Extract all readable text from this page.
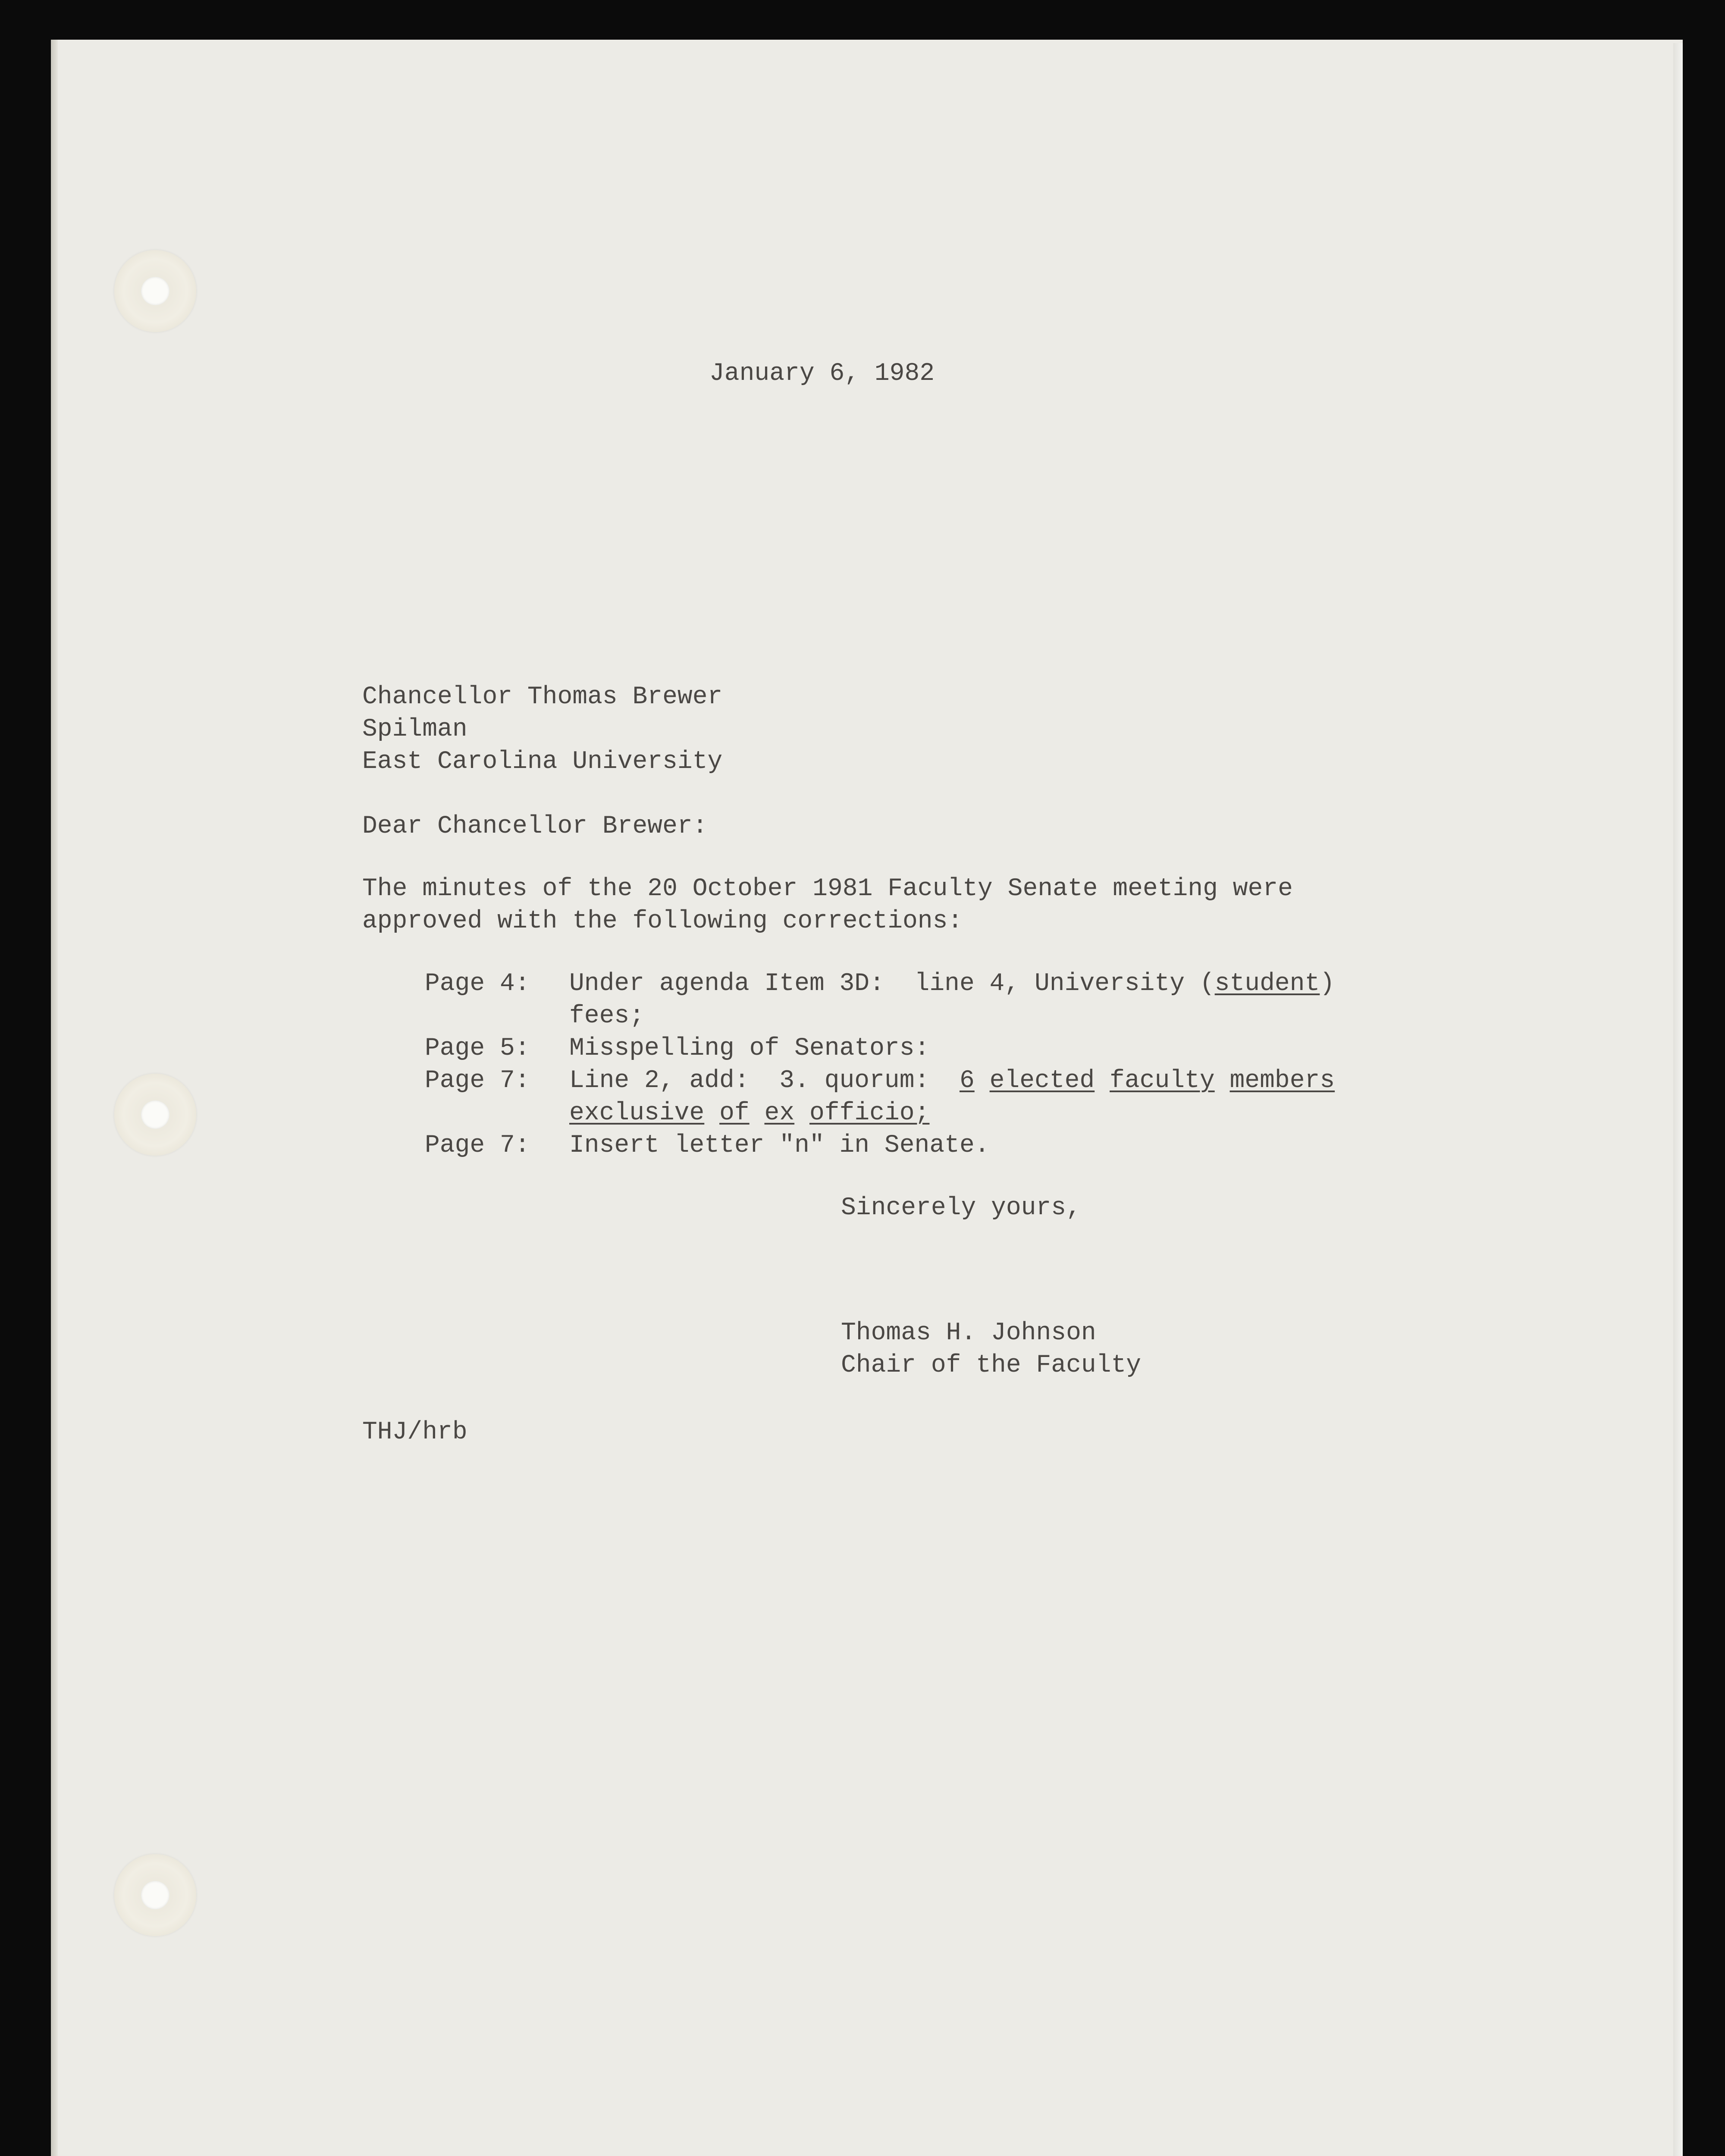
January 6, 1982
Chancellor Thomas Brewer
Spilman
East Carolina University
Dear Chancellor Brewer:
The minutes of the 20 October 1981 Faculty Senate meeting were
approved with the following corrections:
Page 4: Under agenda Item 3D:  line 4, University (student)
fees;
Page 5: Misspelling of Senators:
Page 7: Line 2, add:  3. quorum:  6 elected faculty members
exclusive of ex officio;
Page 7: Insert letter "n" in Senate.
Sincerely yours,
Thomas H. Johnson
Chair of the Faculty
THJ/hrb
